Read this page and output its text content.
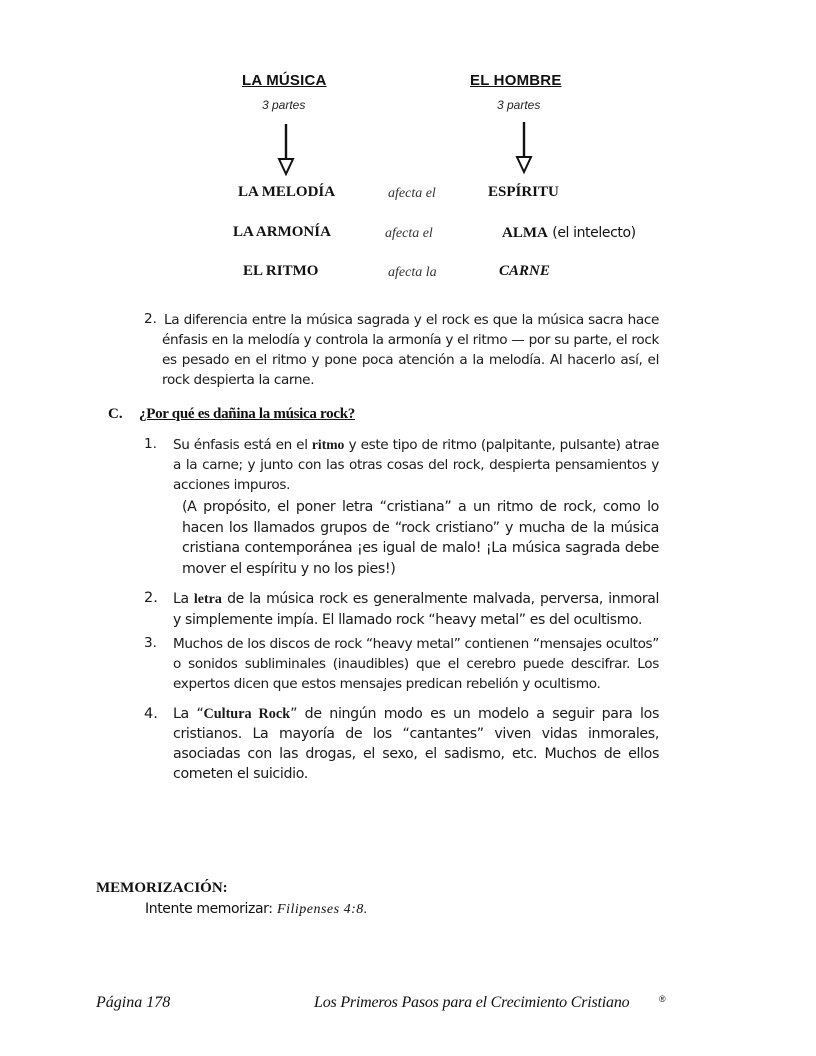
LA MÚSICA
3 partes
EL HOMBRE
3 partes
LA MELODÍA	afecta el	ESPÍRITU
LA ARMONÍA	afecta el	ALMA (el intelecto)
EL RITMO	afecta la	CARNE
2. La diferencia entre la música sagrada y el rock es que la música sacra hace énfasis en la melodía y controla la armonía y el ritmo — por su parte, el rock es pesado en el ritmo y pone poca atención a la melodía. Al hacerlo así, el rock despierta la carne.
C. ¿Por qué es dañina la música rock?
1. Su énfasis está en el ritmo y este tipo de ritmo (palpitante, pulsante) atrae a la carne; y junto con las otras cosas del rock, despierta pensamientos y acciones impuros.
(A propósito, el poner letra “cristiana” a un ritmo de rock, como lo hacen los llamados grupos de “rock cristiano” y mucha de la música cristiana contemporánea ¡es igual de malo! ¡La música sagrada debe mover el espíritu y no los pies!)
2. La letra de la música rock es generalmente malvada, perversa, inmoral y simplemente impía. El llamado rock “heavy metal” es del ocultismo.
3. Muchos de los discos de rock “heavy metal” contienen “mensajes ocultos” o sonidos subliminales (inaudibles) que el cerebro puede descifrar. Los expertos dicen que estos mensajes predican rebelión y ocultismo.
4. La “Cultura Rock” de ningún modo es un modelo a seguir para los cristianos. La mayoría de los “cantantes” viven vidas inmorales, asociadas con las drogas, el sexo, el sadismo, etc. Muchos de ellos cometen el suicidio.
MEMORIZACIÓN:
Intente memorizar: Filipenses 4:8.
Página 178	Los Primeros Pasos para el Crecimiento Cristiano	®
